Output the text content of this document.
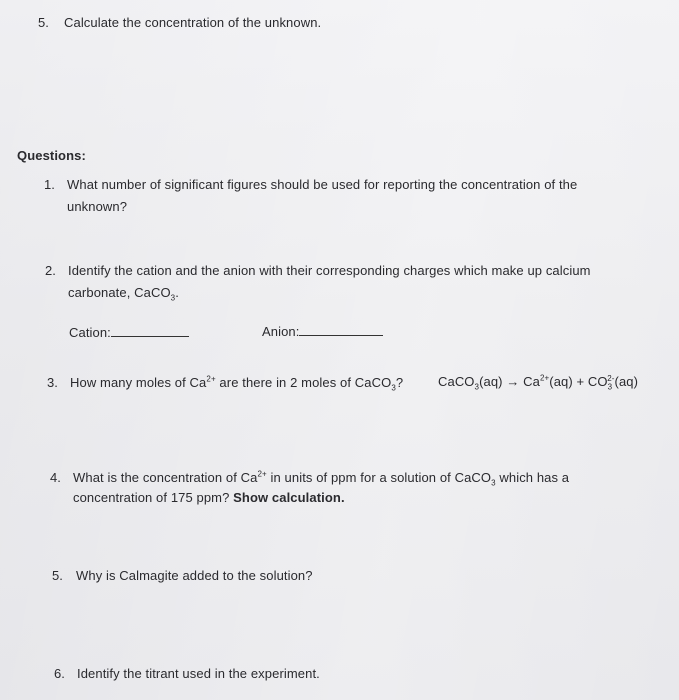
5. Calculate the concentration of the unknown.
Questions:
1. What number of significant figures should be used for reporting the concentration of the
unknown?
2. Identify the cation and the anion with their corresponding charges which make up calcium
carbonate, CaCO$_3$.
Cation:	Anion:
3. How many moles of $Ca^{2+}$ are there in 2 moles of CaCO$_3$?	CaCO$_3$(aq) → $Ca^{2+}(aq) + CO_3^{2-}(aq)$
4. What is the concentration of $Ca^{2+}$ in units of ppm for a solution of CaCO$_3$ which has a
concentration of 175 ppm? Show calculation.
5. Why is Calmagite added to the solution?
6. Identify the titrant used in the experiment.
